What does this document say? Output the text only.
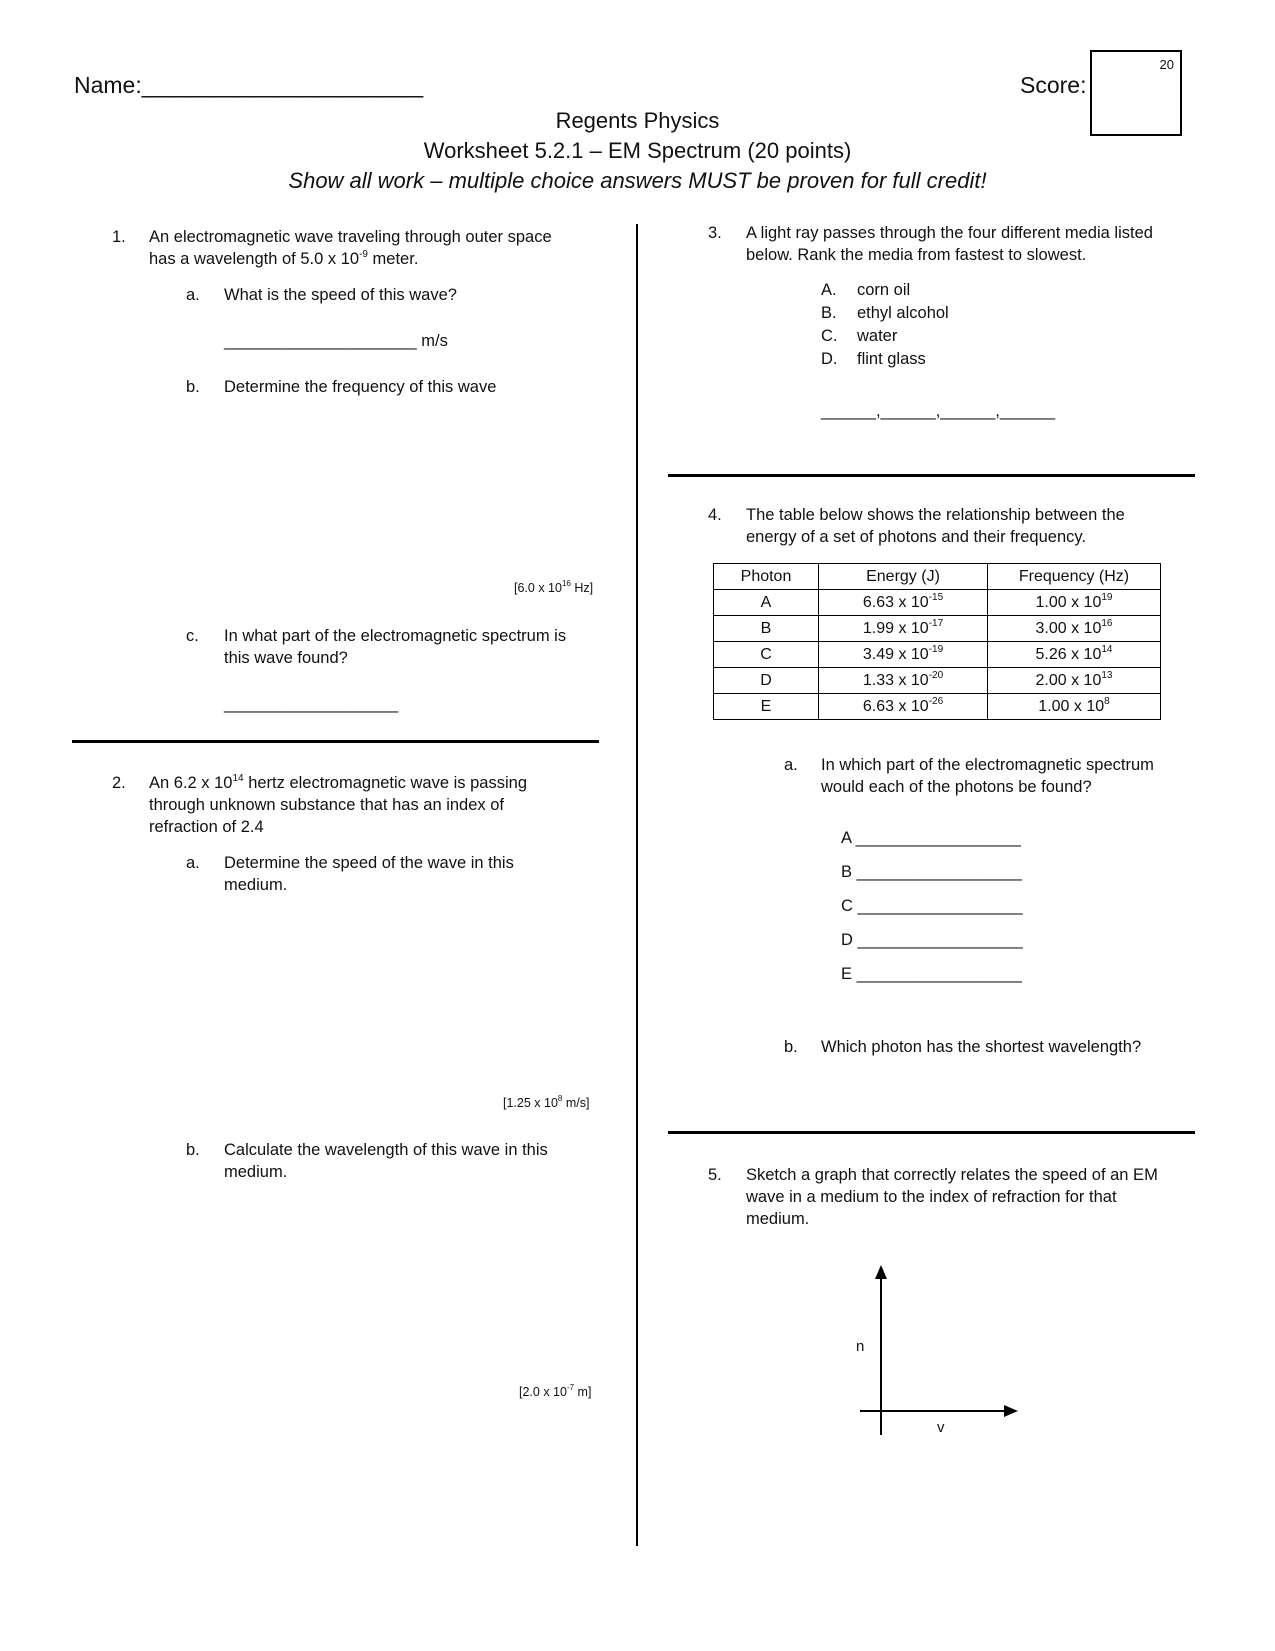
Name:______________________	Score:
20
Regents Physics
Worksheet 5.2.1 – EM Spectrum (20 points)
Show all work – multiple choice answers MUST be proven for full credit!
1.	An electromagnetic wave traveling through outer space
has a wavelength of 5.0 x $10^{-9}$ meter.
a.	What is the speed of this wave?
_____________________ m/s
b.	Determine the frequency of this wave
[6.0 x $10^{16}$ Hz]
c.	In what part of the electromagnetic spectrum is
this wave found?
___________________
2.	An 6.2 x $10^{14}$ hertz electromagnetic wave is passing
through unknown substance that has an index of
refraction of 2.4
a.	Determine the speed of the wave in this
medium.
[1.25 x $10^8$ m/s]
b.	Calculate the wavelength of this wave in this
medium.
[2.0 x $10^{-7}$ m]
3.	A light ray passes through the four different media listed
below. Rank the media from fastest to slowest.
A. corn oil
B. ethyl alcohol
C. water
D. flint glass
______,______,______,______
4.	The table below shows the relationship between the
energy of a set of photons and their frequency.
Photon	Energy (J)	Frequency (Hz)
A	6.63 x $10^{-15}$	1.00 x $10^{19}$
B	1.99 x $10^{-17}$	3.00 x $10^{16}$
C	3.49 x $10^{-19}$	5.26 x $10^{14}$
D	1.33 x $10^{-20}$	2.00 x $10^{13}$
E	6.63 x $10^{-26}$	1.00 x $10^8$
a.	In which part of the electromagnetic spectrum
would each of the photons be found?
A __________________
B __________________
C __________________
D __________________
E __________________
b.	Which photon has the shortest wavelength?
5.	Sketch a graph that correctly relates the speed of an EM
wave in a medium to the index of refraction for that
medium.
n
v
